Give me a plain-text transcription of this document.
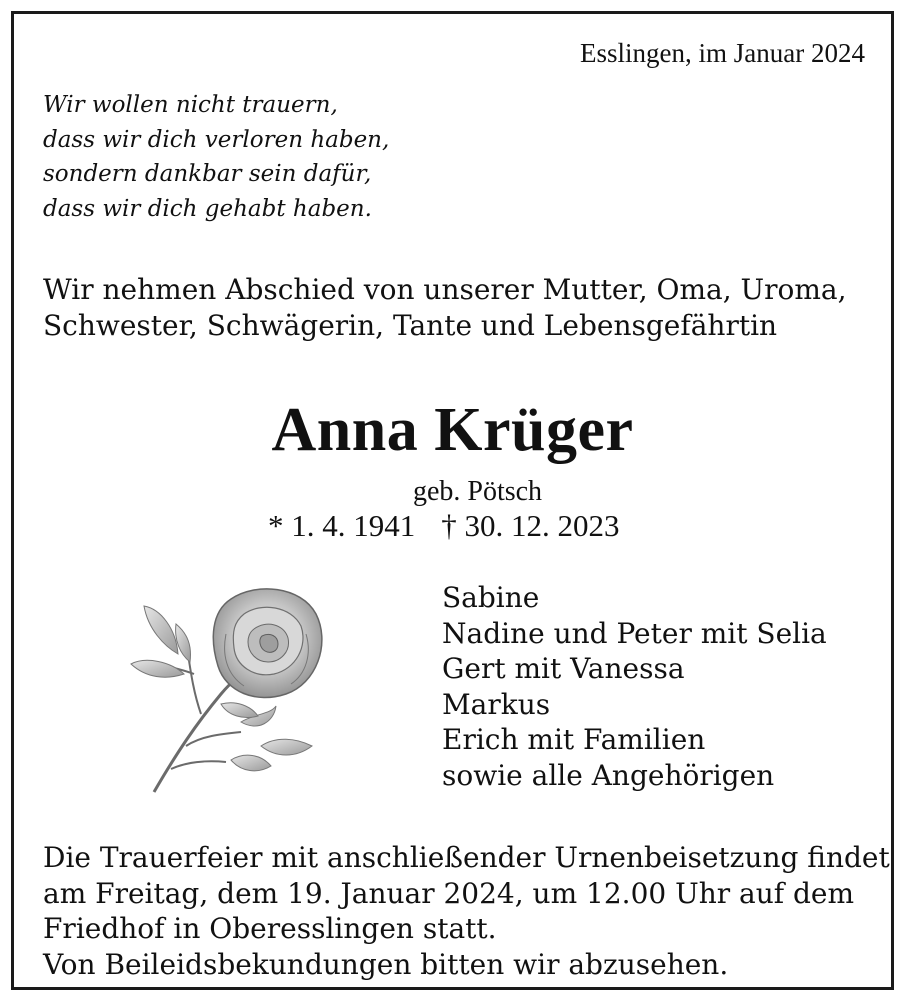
Esslingen, im Januar 2024

Wir wollen nicht trauern,
dass wir dich verloren haben,
sondern dankbar sein dafür,
dass wir dich gehabt haben.
Wir nehmen Abschied von unserer Mutter, Oma, Uroma,
Schwester, Schwägerin, Tante und Lebensgefährtin

Anna Krüger

geb. Pötsch

* 1. 4. 1941 † 30. 12. 2023

Sabine
Nadine und Peter mit Selia
Gert mit Vanessa
Markus
Erich mit Familien
sowie alle Angehörigen
Die Trauerfeier mit anschließender Urnenbeisetzung findet
am Freitag, dem 19. Januar 2024, um 12.00 Uhr auf dem
Friedhof in Oberesslingen statt.
Von Beileidsbekundungen bitten wir abzusehen.
